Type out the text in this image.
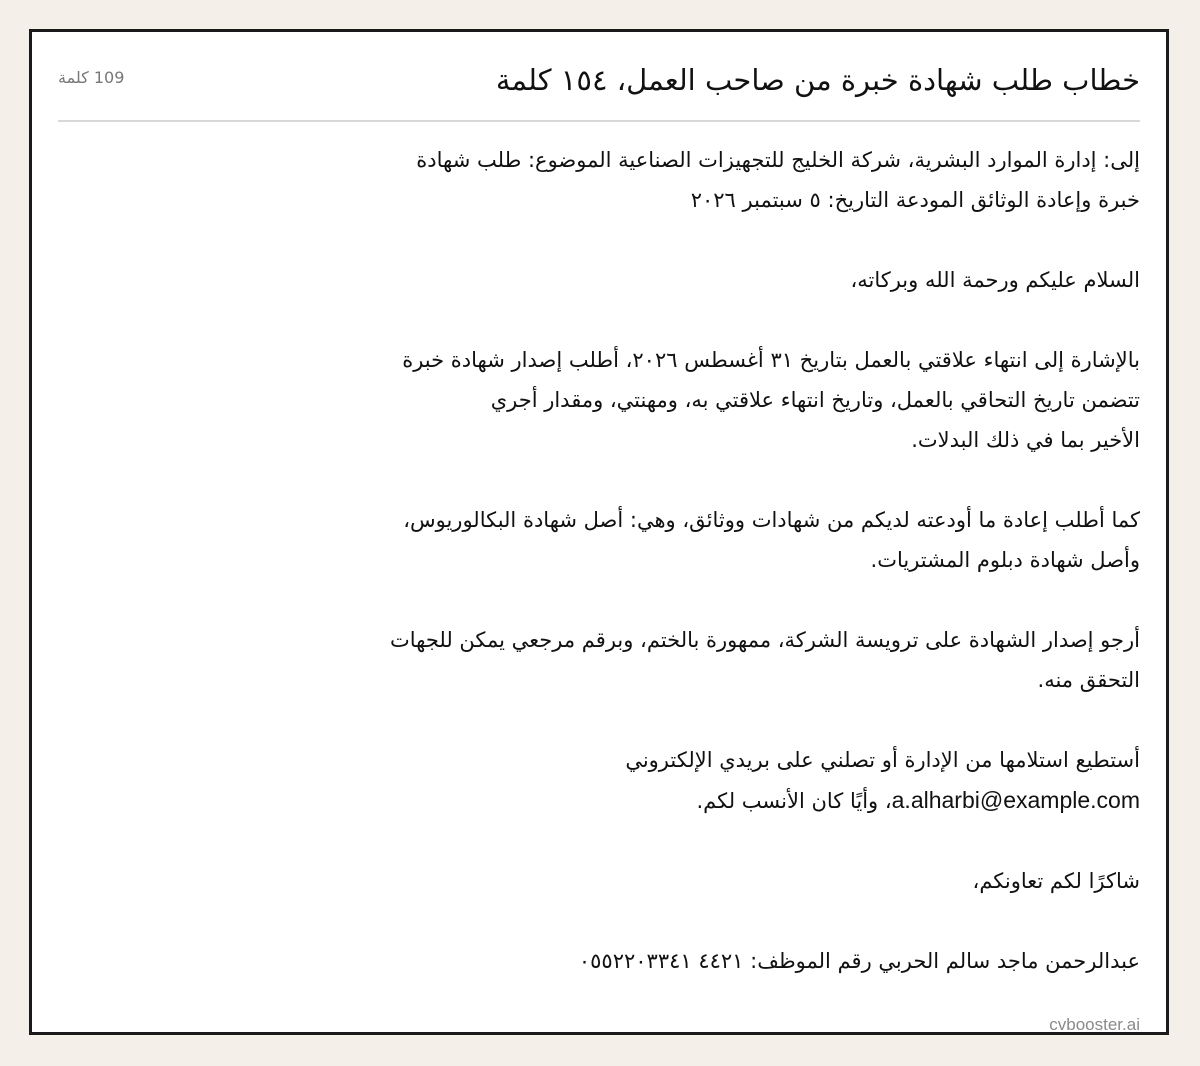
خطاب طلب شهادة خبرة من صاحب العمل، ١٥٤ كلمة
109 كلمة
إلى: إدارة الموارد البشرية، شركة الخليج للتجهيزات الصناعية الموضوع: طلب شهادة
خبرة وإعادة الوثائق المودعة التاريخ: ٥ سبتمبر ٢٠٢٦
السلام عليكم ورحمة الله وبركاته،
بالإشارة إلى انتهاء علاقتي بالعمل بتاريخ ٣١ أغسطس ٢٠٢٦، أطلب إصدار شهادة خبرة
تتضمن تاريخ التحاقي بالعمل، وتاريخ انتهاء علاقتي به، ومهنتي، ومقدار أجري
الأخير بما في ذلك البدلات.
كما أطلب إعادة ما أودعته لديكم من شهادات ووثائق، وهي: أصل شهادة البكالوريوس،
وأصل شهادة دبلوم المشتريات.
أرجو إصدار الشهادة على ترويسة الشركة، ممهورة بالختم، وبرقم مرجعي يمكن للجهات
التحقق منه.
أستطيع استلامها من الإدارة أو تصلني على بريدي الإلكتروني
a.alharbi@example.com، وأيًا كان الأنسب لكم.
شاكرًا لكم تعاونكم،
عبدالرحمن ماجد سالم الحربي رقم الموظف: ٤٤٢١ ٠٥٥٢٢٠٣٣٤١
cvbooster.ai
